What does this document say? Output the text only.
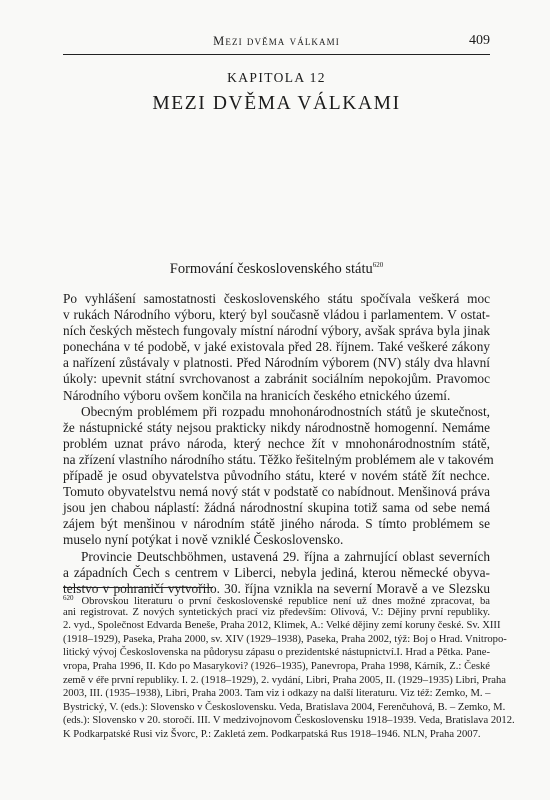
Mezi dvěma válkami	409
KAPITOLA 12
MEZI DVĚMA VÁLKAMI
Formování československého státu$^{620}$
Po vyhlášení samostatnosti československého státu spočívala veškerá moc
v rukách Národního výboru, který byl současně vládou i parlamentem. V ostat-
ních českých městech fungovaly místní národní výbory, avšak správa byla jinak
ponechána v té podobě, v jaké existovala před 28. říjnem. Také veškeré zákony
a nařízení zůstávaly v platnosti. Před Národním výborem (NV) stály dva hlavní
úkoly: upevnit státní svrchovanost a zabránit sociálním nepokojům. Pravomoc
Národního výboru ovšem končila na hranicích českého etnického území.
Obecným problémem při rozpadu mnohonárodnostních států je skutečnost,
že nástupnické státy nejsou prakticky nikdy národnostně homogenní. Nemáme
problém uznat právo národa, který nechce žít v mnohonárodnostním státě,
na zřízení vlastního národního státu. Těžko řešitelným problémem ale v takovém
případě je osud obyvatelstva původního státu, které v novém státě žít nechce.
Tomuto obyvatelstvu nemá nový stát v podstatě co nabídnout. Menšinová práva
jsou jen chabou náplastí: žádná národnostní skupina totiž sama od sebe nemá
zájem být menšinou v národním státě jiného národa. S tímto problémem se
muselo nyní potýkat i nově vzniklé Československo.
Provincie Deutschböhmen, ustavená 29. října a zahrnující oblast severních
a západních Čech s centrem v Liberci, nebyla jediná, kterou německé obyva-
telstvo v pohraničí vytvořilo. 30. října vznikla na severní Moravě a ve Slezsku
$^{620}$ Obrovskou literaturu o první československé republice není už dnes možné zpracovat, ba
ani registrovat. Z nových syntetických prací viz především: Olivová, V.: Dějiny první republiky.
2. vyd., Společnost Edvarda Beneše, Praha 2012, Klimek, A.: Velké dějiny zemí koruny české. Sv. XIII
(1918–1929), Paseka, Praha 2000, sv. XIV (1929–1938), Paseka, Praha 2002, týž: Boj o Hrad. Vnitropo-
litický vývoj Československa na půdorysu zápasu o prezidentské nástupnictví.I. Hrad a Pětka. Pane-
vropa, Praha 1996, II. Kdo po Masarykovi? (1926–1935), Panevropa, Praha 1998, Kárník, Z.: České
země v éře první republiky. I. 2. (1918–1929), 2. vydání, Libri, Praha 2005, II. (1929–1935) Libri, Praha
2003, III. (1935–1938), Libri, Praha 2003. Tam viz i odkazy na další literaturu. Viz též: Zemko, M. –
Bystrický, V. (eds.): Slovensko v Československu. Veda, Bratislava 2004, Ferenčuhová, B. – Zemko, M.
(eds.): Slovensko v 20. storočí. III. V medzivojnovom Československu 1918–1939. Veda, Bratislava 2012.
K Podkarpatské Rusi viz Švorc, P.: Zakletá zem. Podkarpatská Rus 1918–1946. NLN, Praha 2007.
